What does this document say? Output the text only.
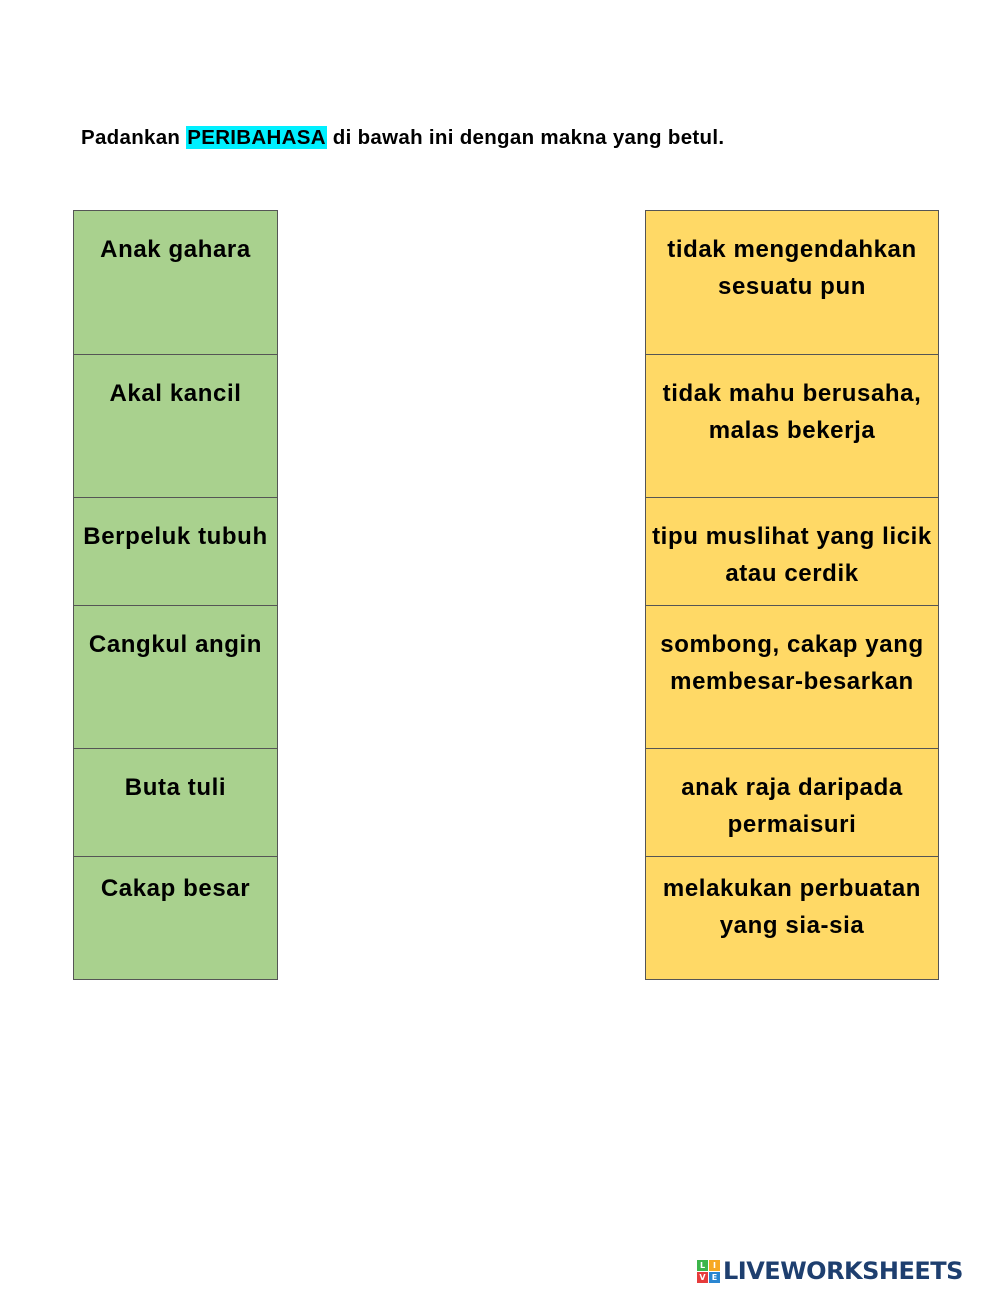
Padankan PERIBAHASA di bawah ini dengan makna yang betul.
Anak gahara
Akal kancil
Berpeluk tubuh
Cangkul angin
Buta tuli
Cakap besar
tidak mengendahkan sesuatu pun
tidak mahu berusaha, malas bekerja
tipu muslihat yang licik atau cerdik
sombong, cakap yang membesar-besarkan
anak raja daripada permaisuri
melakukan perbuatan yang sia-sia
L I
V E LIVEWORKSHEETS
